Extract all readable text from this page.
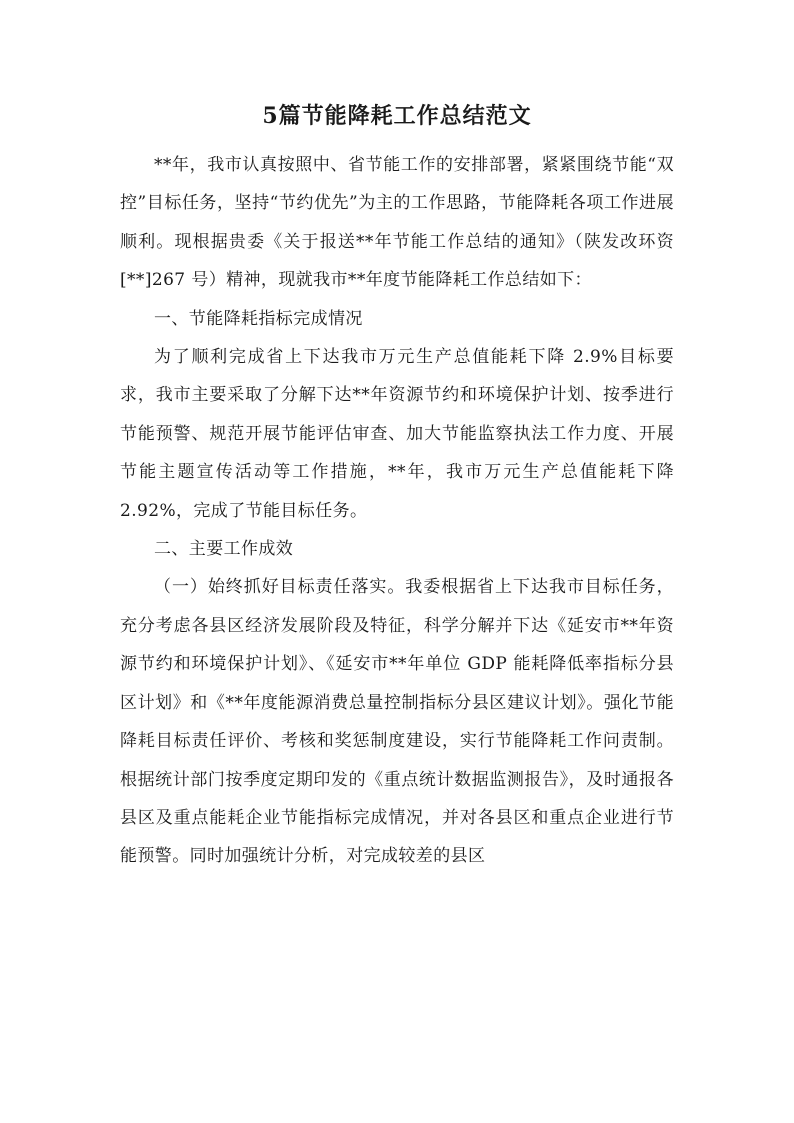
5篇节能降耗工作总结范文

**年，我市认真按照中、省节能工作的安排部署，紧紧围绕节能“双控”目标任务，坚持“节约优先”为主的工作思路，节能降耗各项工作进展顺利。现根据贵委《关于报送**年节能工作总结的通知》（陕发改环资[**]267 号）精神，现就我市**年度节能降耗工作总结如下：

一、节能降耗指标完成情况

为了顺利完成省上下达我市万元生产总值能耗下降 2.9%目标要求，我市主要采取了分解下达**年资源节约和环境保护计划、按季进行节能预警、规范开展节能评估审查、加大节能监察执法工作力度、开展节能主题宣传活动等工作措施，**年，我市万元生产总值能耗下降 2.92%，完成了节能目标任务。

二、主要工作成效

（一）始终抓好目标责任落实。我委根据省上下达我市目标任务，充分考虑各县区经济发展阶段及特征，科学分解并下达《延安市**年资源节约和环境保护计划》、《延安市**年单位 GDP 能耗降低率指标分县区计划》和《**年度能源消费总量控制指标分县区建议计划》。强化节能降耗目标责任评价、考核和奖惩制度建设，实行节能降耗工作问责制。根据统计部门按季度定期印发的《重点统计数据监测报告》，及时通报各县区及重点能耗企业节能指标完成情况，并对各县区和重点企业进行节能预警。同时加强统计分析，对完成较差的县区
